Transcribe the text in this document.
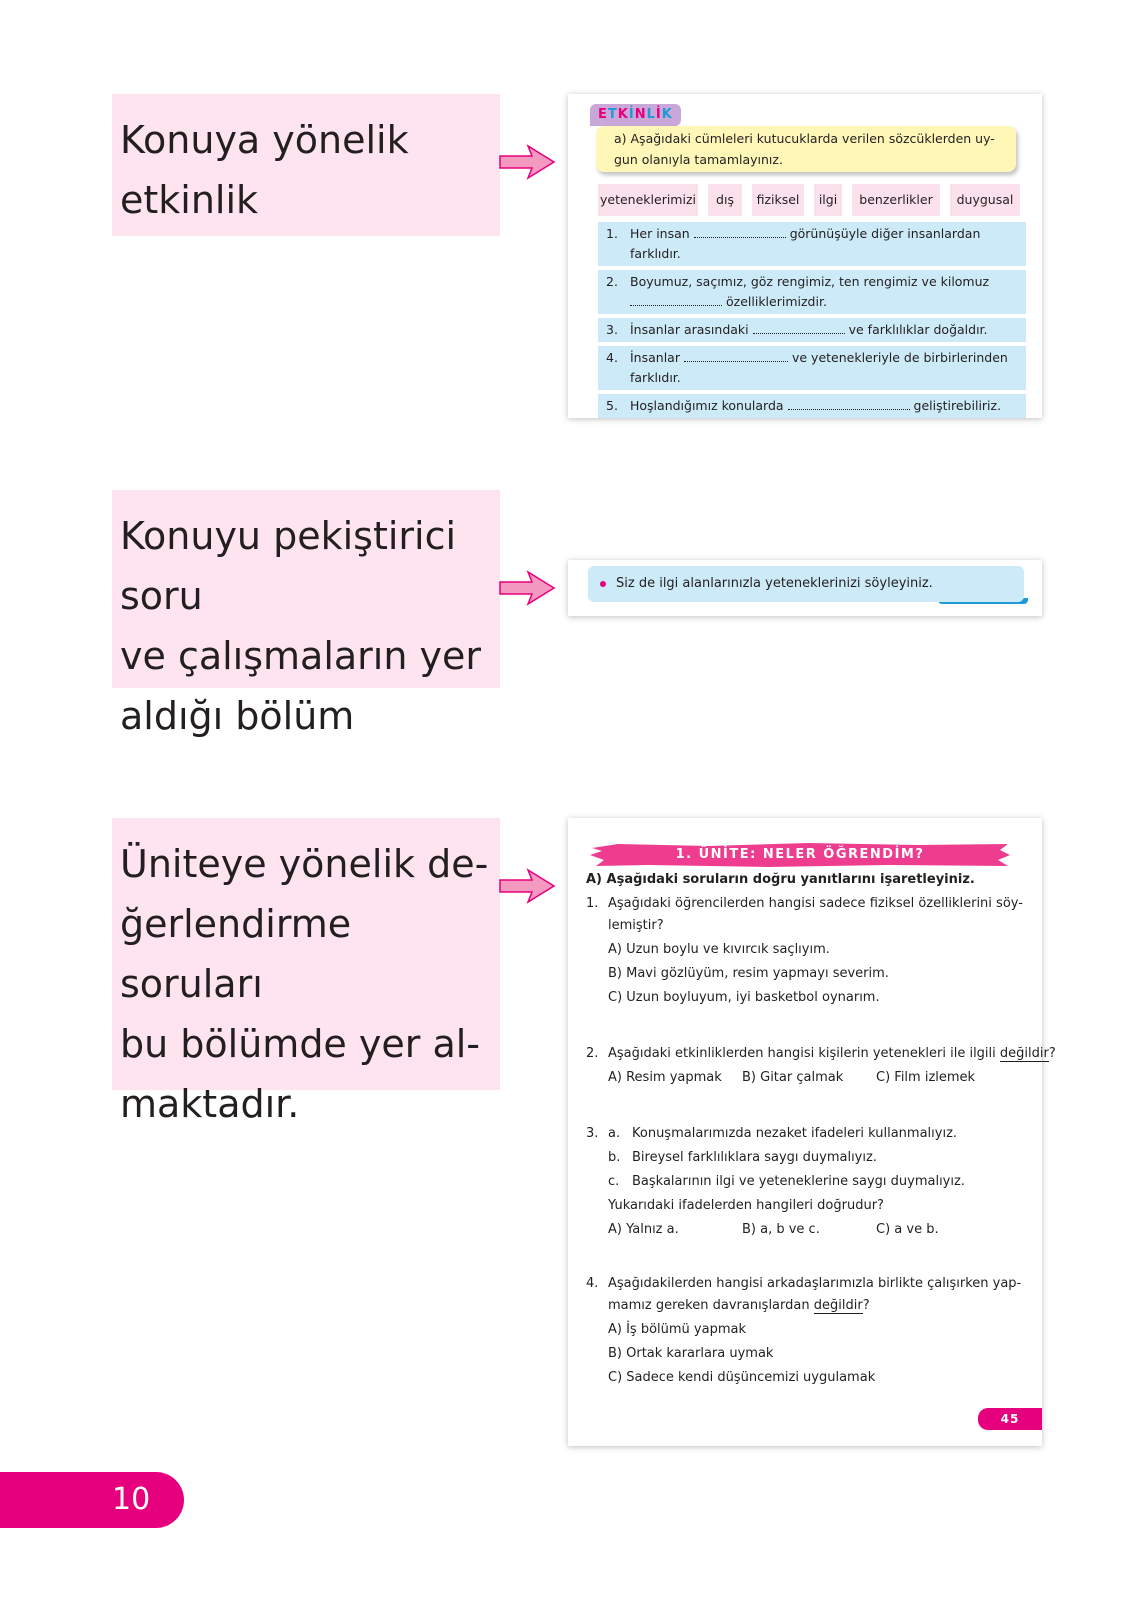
Konuya yönelik
etkinlik
ETKİNLİK
a) Aşağıdaki cümleleri kutucuklarda verilen sözcüklerden uy-gun olanıyla tamamlayınız.
yeteneklerimizi	dış	fiziksel	ilgi	benzerlikler	duygusal
1. Her insan	görünüşüyle diğer insanlardan farklıdır.
2. Boyumuz, saçımız, göz rengimiz, ten rengimiz ve kilomuz
özelliklerimizdir.
3. İnsanlar arasındaki	ve farklılıklar doğaldır.
4. İnsanlar	ve yetenekleriyle de birbirlerinden farklıdır.
5. Hoşlandığımız konularda	geliştirebiliriz.
Konuyu pekiştirici soru
ve çalışmaların yer
aldığı bölüm
Siz de ilgi alanlarınızla yeteneklerinizi söyleyiniz.
Üniteye yönelik de-
ğerlendirme soruları
bu bölümde yer al-
maktadır.
1. ÜNİTE: NELER ÖĞRENDİM?
A) Aşağıdaki soruların doğru yanıtlarını işaretleyiniz.
1. Aşağıdaki öğrencilerden hangisi sadece fiziksel özelliklerini söy-
lemiştir?
A) Uzun boylu ve kıvırcık saçlıyım.
B) Mavi gözlüyüm, resim yapmayı severim.
C) Uzun boyluyum, iyi basketbol oynarım.
2. Aşağıdaki etkinliklerden hangisi kişilerin yetenekleri ile ilgili değildir?
A) Resim yapmak B) Gitar çalmak	C) Film izlemek
3. a. Konuşmalarımızda nezaket ifadeleri kullanmalıyız.
b. Bireysel farklılıklara saygı duymalıyız.
c. Başkalarının ilgi ve yeteneklerine saygı duymalıyız.
Yukarıdaki ifadelerden hangileri doğrudur?
A) Yalnız a.	B) a, b ve c.	C) a ve b.
4. Aşağıdakilerden hangisi arkadaşlarımızla birlikte çalışırken yap-
mamız gereken davranışlardan değildir?
A) İş bölümü yapmak
B) Ortak kararlara uymak
C) Sadece kendi düşüncemizi uygulamak
45
10
